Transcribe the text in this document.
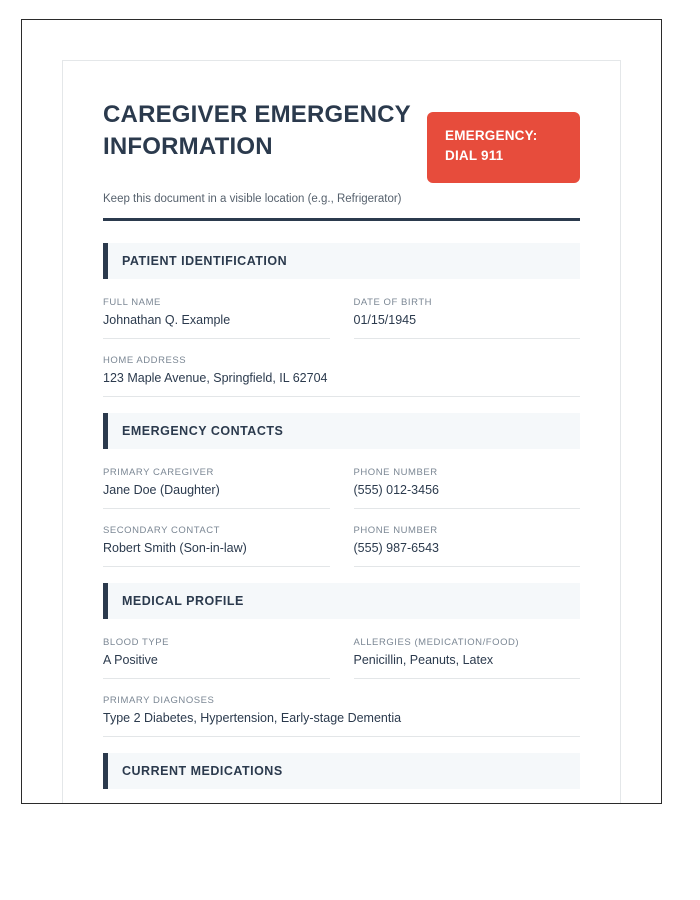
CAREGIVER EMERGENCY INFORMATION	EMERGENCY:
DIAL 911
Keep this document in a visible location (e.g., Refrigerator)
PATIENT IDENTIFICATION
FULL NAME
Johnathan Q. Example
DATE OF BIRTH
01/15/1945
HOME ADDRESS
123 Maple Avenue, Springfield, IL 62704
EMERGENCY CONTACTS
PRIMARY CAREGIVER
Jane Doe (Daughter)
PHONE NUMBER
(555) 012-3456
SECONDARY CONTACT
Robert Smith (Son-in-law)
PHONE NUMBER
(555) 987-6543
MEDICAL PROFILE
BLOOD TYPE
A Positive
ALLERGIES (MEDICATION/FOOD)
Penicillin, Peanuts, Latex
PRIMARY DIAGNOSES
Type 2 Diabetes, Hypertension, Early-stage Dementia
CURRENT MEDICATIONS
